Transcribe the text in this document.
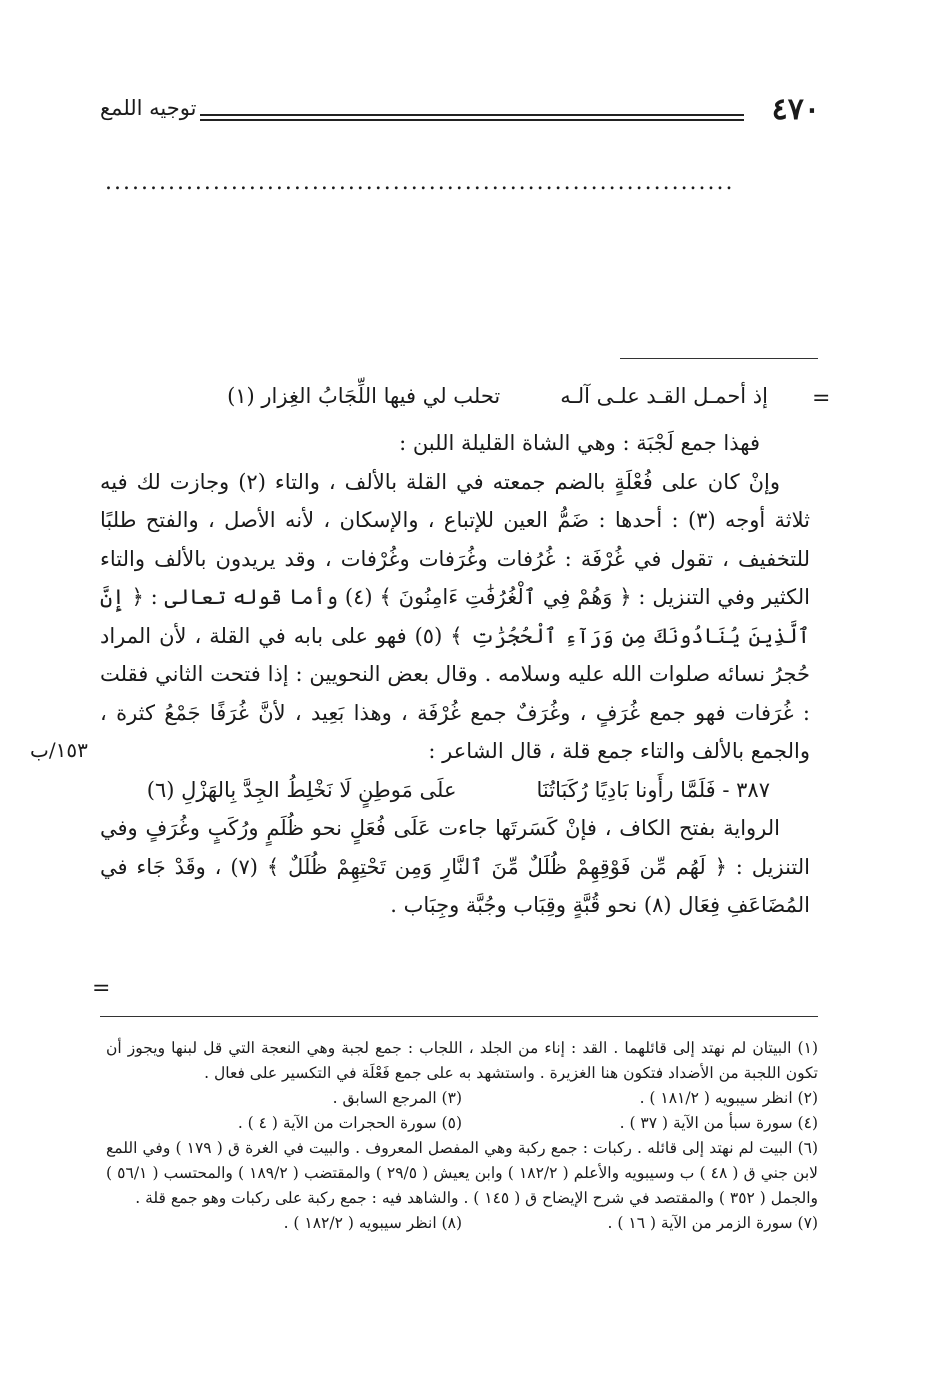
٤٧٠
توجيه اللمع
......................................................................
=
إذ أحمـل القـد علـى آلـه
تحلب لي فيها اللِّجَابُ الغِزار (١)

فهذا جمع لَجْبَة : وهي الشاة القليلة اللبن :

وإنْ كان على فُعْلَةٍ بالضم جمعته في القلة بالألف ، والتاء (٢) وجازت لك فيه ثلاثة أوجه (٣) : أحدها : ضَمُّ العين للإتباع ، والإسكان ، لأنه الأصل ، والفتح طلبًا للتخفيف ، تقول في غُرْفَة : غُرُفات وغُرَفات وغُرْفات ، وقد يريدون بالألف والتاء الكثير وفي التنزيل : ﴿ وَهُمْ فِي ٱلْغُرُفَٰتِ ءَامِنُونَ ﴾ (٤) وأما قوله تعالى : ﴿ إِنَّ ٱلَّذِينَ يُنَادُونَكَ مِن وَرَآءِ ٱلْحُجُرَٰتِ ﴾ (٥) فهو على بابه في القلة ، لأن المراد حُجرُ نسائه صلوات الله عليه وسلامه . وقال بعض النحويين : إذا فتحت الثاني فقلت : غُرَفات فهو جمع غُرَفٍ ، وغُرَفٌ جمع غُرْفَة ، وهذا بَعِيد ، لأنَّ غُرَفًا جَمْعُ كثرة ، والجمع بالألف والتاء جمع قلة ، قال الشاعر :

٣٨٧ - فَلَمَّا رأَونا بَادِيًا رُكَبَاتُنَا
علَى مَوطِنٍ لَا نَخْلِطُ الجِدَّ بِالهَزْلِ (٦)

الرواية بفتح الكاف ، فإنْ كَسَرتَها جاءت عَلَى فُعَلٍ نحو ظُلَمٍ ورُكَبٍ وغُرَفٍ وفي التنزيل : ﴿ لَهُم مِّن فَوْقِهِمْ ظُلَلٌ مِّنَ ٱلنَّارِ وَمِن تَحْتِهِمْ ظُلَلٌ ﴾ (٧) ، وقَدْ جَاء في المُضَاعَفِ فِعَال (٨) نحو قُبَّةٍ وقِبَاب وجُبَّة وجِبَاب .

١٥٣/ب
=

(١) البيتان لم نهتد إلى قائلهما . القد : إناء من الجلد ، اللجاب : جمع لجبة وهي النعجة التي قل لبنها ويجوز أن تكون اللجبة من الأضداد فتكون هنا الغزيرة . واستشهد به على جمع فَعْلَة في التكسير على فعال .

(٢) انظر سيبويه ( ١٨١/٢ ) .
(٣) المرجع السابق .
(٤) سورة سبأ من الآية ( ٣٧ ) .
(٥) سورة الحجرات من الآية ( ٤ ) .

(٦) البيت لم نهتد إلى قائله . ركبات : جمع ركبة وهي المفصل المعروف . والبيت في الغرة ق ( ١٧٩ ) وفي اللمع لابن جني ق ( ٤٨ ) ب وسيبويه والأعلم ( ١٨٢/٢ ) وابن يعيش ( ٢٩/٥ ) والمقتضب ( ١٨٩/٢ ) والمحتسب ( ٥٦/١ ) والجمل ( ٣٥٢ ) والمقتصد في شرح الإيضاح ق ( ١٤٥ ) . والشاهد فيه : جمع ركبة على ركبات وهو جمع قلة .

(٧) سورة الزمر من الآية ( ١٦ ) .
(٨) انظر سيبويه ( ١٨٢/٢ ) .
